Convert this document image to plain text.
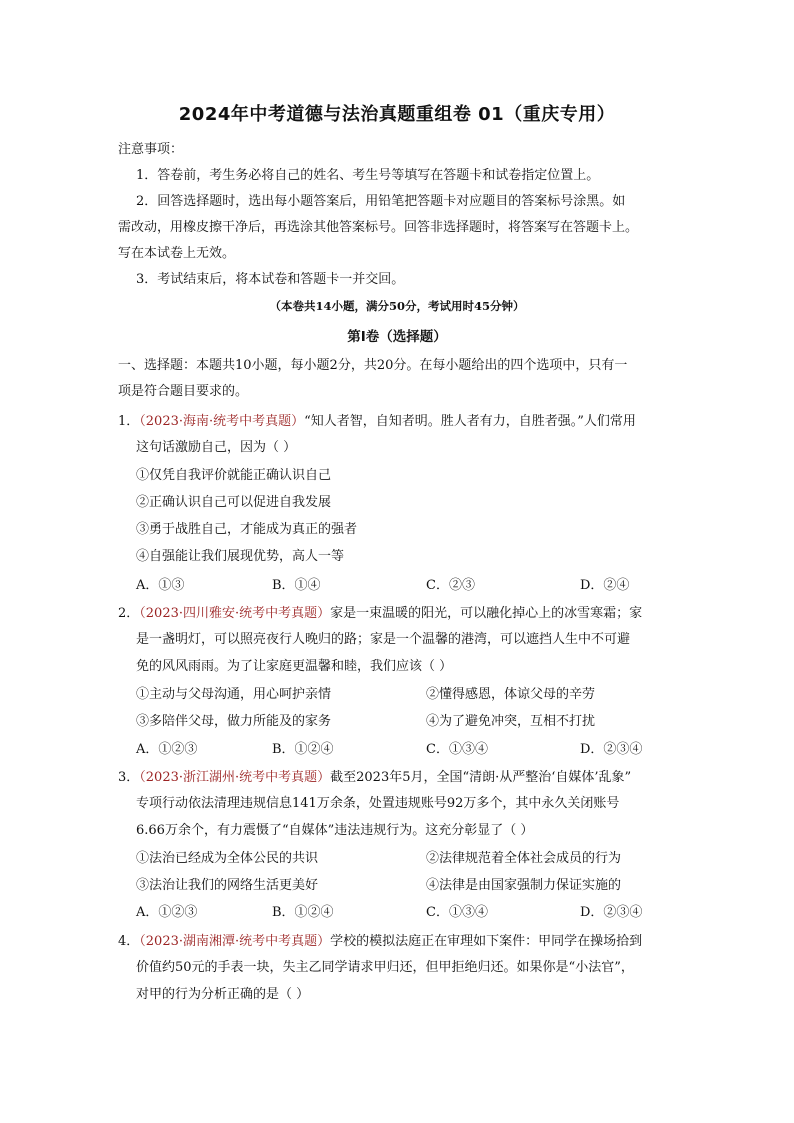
2024年中考道德与法治真题重组卷 01（重庆专用）
注意事项：
1．答卷前，考生务必将自己的姓名、考生号等填写在答题卡和试卷指定位置上。
2．回答选择题时，选出每小题答案后，用铅笔把答题卡对应题目的答案标号涂黑。如
需改动，用橡皮擦干净后，再选涂其他答案标号。回答非选择题时，将答案写在答题卡上。
写在本试卷上无效。
3．考试结束后，将本试卷和答题卡一并交回。
（本卷共14小题，满分50分，考试用时45分钟）
第Ⅰ卷（选择题）
一、选择题：本题共10小题，每小题2分，共20分。在每小题给出的四个选项中，只有一
项是符合题目要求的。
1．（2023·海南·统考中考真题）“知人者智，自知者明。胜人者有力，自胜者强。”人们常用
这句话激励自己，因为（ ）
①仅凭自我评价就能正确认识自己
②正确认识自己可以促进自我发展
③勇于战胜自己，才能成为真正的强者
④自强能让我们展现优势，高人一等
A．①③	B．①④	C．②③	D．②④
2．（2023·四川雅安·统考中考真题）家是一束温暖的阳光，可以融化掉心上的冰雪寒霜；家
是一盏明灯，可以照亮夜行人晚归的路；家是一个温馨的港湾，可以遮挡人生中不可避
免的风风雨雨。为了让家庭更温馨和睦，我们应该（ ）
①主动与父母沟通，用心呵护亲情	②懂得感恩，体谅父母的辛劳
③多陪伴父母，做力所能及的家务	④为了避免冲突，互相不打扰
A．①②③	B．①②④	C．①③④	D．②③④
3．（2023·浙江湖州·统考中考真题）截至2023年5月，全国“清朗·从严整治‘自媒体’乱象”
专项行动依法清理违规信息141万余条，处置违规账号92万多个，其中永久关闭账号
6.66万余个，有力震慑了“自媒体”违法违规行为。这充分彰显了（ ）
①法治已经成为全体公民的共识	②法律规范着全体社会成员的行为
③法治让我们的网络生活更美好	④法律是由国家强制力保证实施的
A．①②③	B．①②④	C．①③④	D．②③④
4．（2023·湖南湘潭·统考中考真题）学校的模拟法庭正在审理如下案件：甲同学在操场拾到
价值约50元的手表一块，失主乙同学请求甲归还，但甲拒绝归还。如果你是“小法官”，
对甲的行为分析正确的是（ ）
